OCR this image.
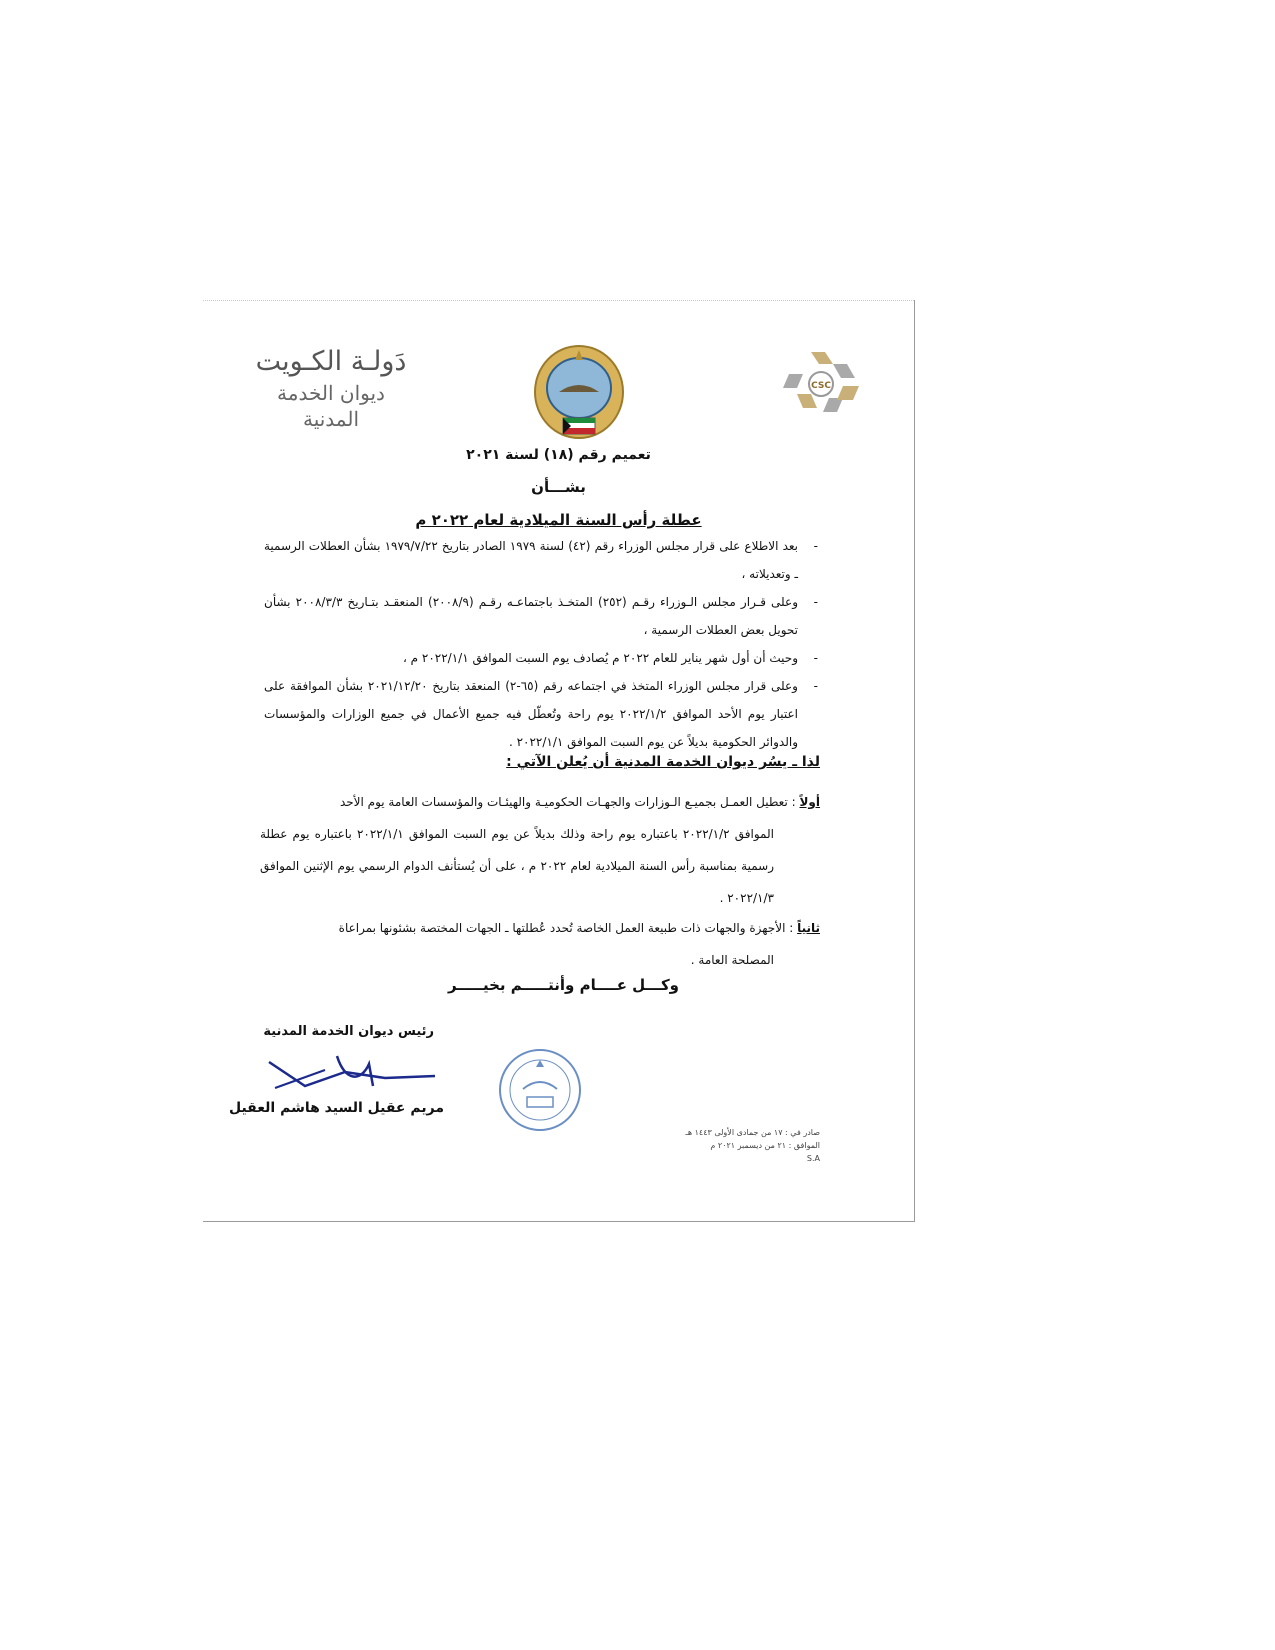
دَولـة الكـويت
ديوان الخدمة المدنية
CSC
تعميم رقم (١٨) لسنة ٢٠٢١
بشـــأن
عطلة رأس السنة الميلادية لعام ٢٠٢٢ م
- بعد الاطلاع على قرار مجلس الوزراء رقم (٤٢) لسنة ١٩٧٩ الصادر بتاريخ ١٩٧٩/٧/٢٢ بشأن العطلات الرسمية ـ وتعديلاته ،
- وعلى قـرار مجلس الـوزراء رقـم (٢٥٢) المتخـذ باجتماعـه رقـم (٢٠٠٨/٩) المنعقـد بتـاريخ ٢٠٠٨/٣/٣ بشأن تحويل بعض العطلات الرسمية ،
- وحيث أن أول شهر يناير للعام ٢٠٢٢ م يُصادف يوم السبت الموافق ٢٠٢٢/١/١ م ،
- وعلى قرار مجلس الوزراء المتخذ في اجتماعه رقم (٦٥-٢) المنعقد بتاريخ ٢٠٢١/١٢/٢٠ بشأن الموافقة على اعتبار يوم الأحد الموافق ٢٠٢٢/١/٢ يوم راحة وتُعطّل فيه جميع الأعمال في جميع الوزارات والمؤسسات والدوائر الحكومية بديلاً عن يوم السبت الموافق ٢٠٢٢/١/١ .
لذا ـ يسُر ديوان الخدمة المدنية أن يُعلن الآتي :
أولاً : تعطيل العمـل بجميـع الـوزارات والجهـات الحكوميـة والهيئـات والمؤسسات العامة يوم الأحد
الموافق ٢٠٢٢/١/٢ باعتباره يوم راحة وذلك بديلاً عن يوم السبت الموافق ٢٠٢٢/١/١ باعتباره يوم عطلة رسمية بمناسبة رأس السنة الميلادية لعام ٢٠٢٢ م ، على أن يُستأنف الدوام الرسمي يوم الإثنين الموافق ٢٠٢٢/١/٣ .
ثانياً : الأجهزة والجهات ذات طبيعة العمل الخاصة تُحدد عُطلتها ـ الجهات المختصة بشئونها بمراعاة
المصلحة العامة .
وكـــل عــــام وأنتـــــم بخيـــــر
رئيس ديوان الخدمة المدنية
مريم عقيل السيد هاشم العقيل
صادر في : ١٧ من جمادى الأولى ١٤٤٣ هـ
الموافق : ٢١ من ديسمبر ٢٠٢١ م
S.A
